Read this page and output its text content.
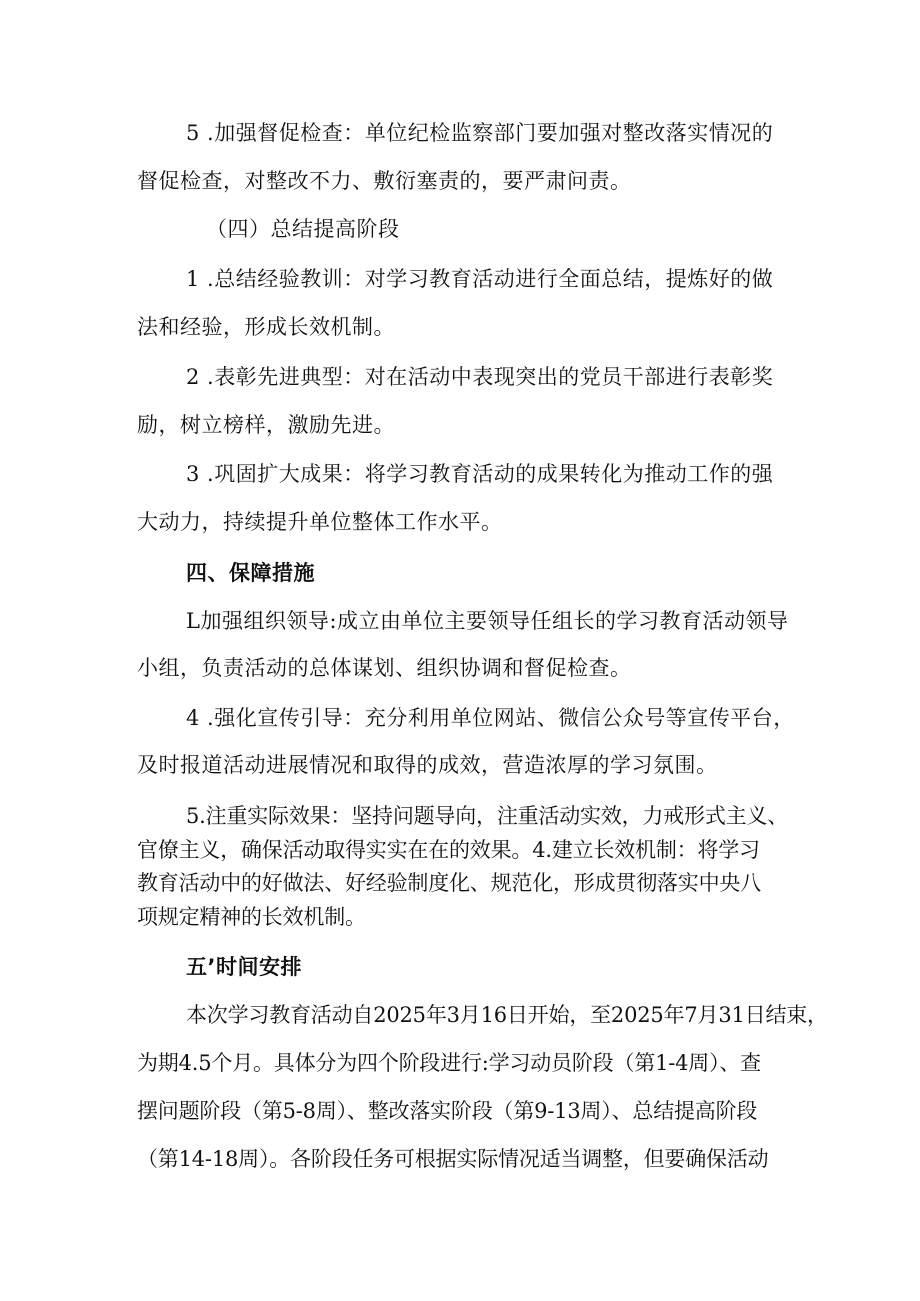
5 .加强督促检查：单位纪检监察部门要加强对整改落实情况的
督促检查，对整改不力、敷衍塞责的，要严肃问责。
（四）总结提高阶段
1 .总结经验教训：对学习教育活动进行全面总结，提炼好的做
法和经验，形成长效机制。
2 .表彰先进典型：对在活动中表现突出的党员干部进行表彰奖
励，树立榜样，激励先进。
3 .巩固扩大成果：将学习教育活动的成果转化为推动工作的强
大动力，持续提升单位整体工作水平。
四、保障措施
L加强组织领导:成立由单位主要领导任组长的学习教育活动领导
小组，负责活动的总体谋划、组织协调和督促检查。
4 .强化宣传引导：充分利用单位网站、微信公众号等宣传平台，
及时报道活动进展情况和取得的成效，营造浓厚的学习氛围。
5.注重实际效果：坚持问题导向，注重活动实效，力戒形式主义、
官僚主义，确保活动取得实实在在的效果。4.建立长效机制：将学习
教育活动中的好做法、好经验制度化、规范化，形成贯彻落实中央八
项规定精神的长效机制。
五’时间安排
本次学习教育活动自2025年3月16日开始，至2025年7月31日结束，
为期4.5个月。具体分为四个阶段进行:学习动员阶段（第1-4周）、查
摆问题阶段（第5-8周）、整改落实阶段（第9-13周）、总结提高阶段
（第14-18周）。各阶段任务可根据实际情况适当调整，但要确保活动
